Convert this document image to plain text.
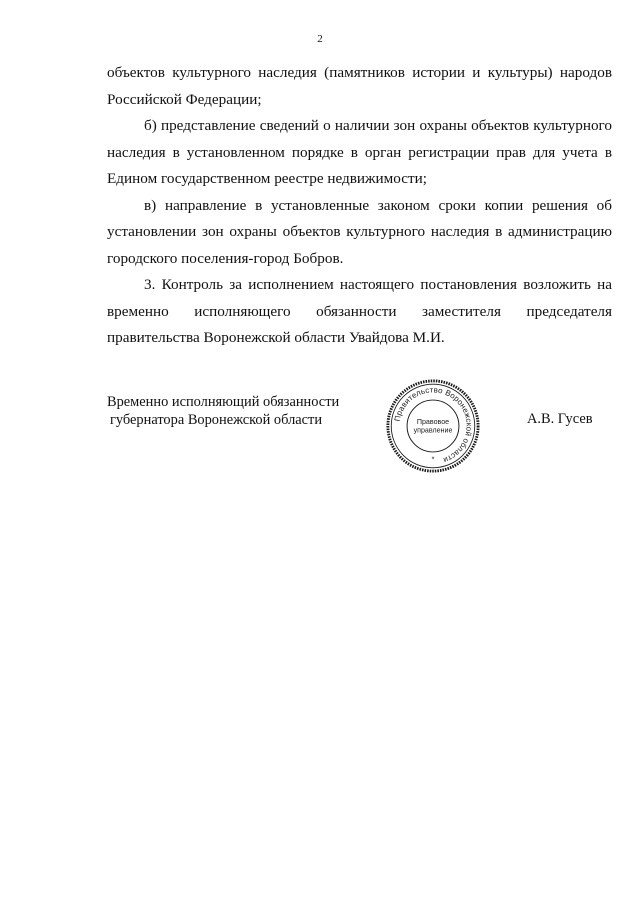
2

объектов культурного наследия (памятников истории и культуры) народов Российской Федерации;

б) представление сведений о наличии зон охраны объектов культурного наследия в установленном порядке в орган регистрации прав для учета в Едином государственном реестре недвижимости;

в) направление в установленные законом сроки копии решения об установлении зон охраны объектов культурного наследия в администрацию городского поселения-город Бобров.

3. Контроль за исполнением настоящего постановления возложить на временно исполняющего обязанности заместителя председателя правительства Воронежской области Увайдова М.И.

Временно исполняющий обязанности
губернатора Воронежской области	Правительство Воронежской области
Правовое
управление
*
А.В. Гусев
